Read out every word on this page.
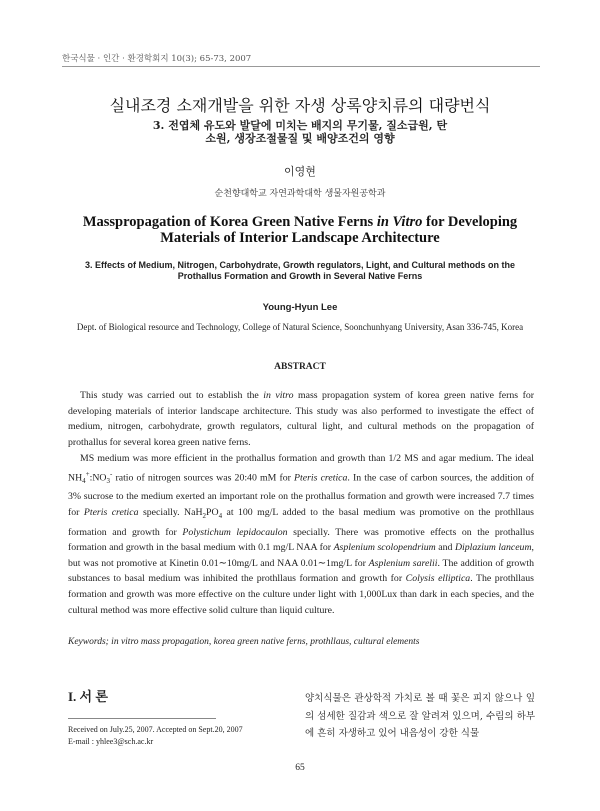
한국식물 · 인간 · 환경학회지 10(3); 65-73, 2007
실내조경 소재개발을 위한 자생 상록양치류의 대량번식
3. 전엽체 유도와 발달에 미치는 배지의 무기물, 질소급원, 탄소원, 생장조절물질 및 배양조건의 영향
이영현
순천향대학교 자연과학대학 생물자원공학과
Masspropagation of Korea Green Native Ferns in Vitro for Developing Materials of Interior Landscape Architecture
3. Effects of Medium, Nitrogen, Carbohydrate, Growth regulators, Light, and Cultural methods on the Prothallus Formation and Growth in Several Native Ferns
Young-Hyun Lee
Dept. of Biological resource and Technology, College of Natural Science, Soonchunhyang University, Asan 336-745, Korea
ABSTRACT

This study was carried out to establish the in vitro mass propagation system of korea green native ferns for developing materials of interior landscape architecture. This study was also performed to investigate the effect of medium, nitrogen, carbohydrate, growth regulators, cultural light, and cultural methods on the propagation of prothallus for several korea green native ferns.

MS medium was more efficient in the prothallus formation and growth than 1/2 MS and agar medium. The ideal $NH_4^+:NO_3^-$ ratio of nitrogen sources was 20:40 mM for Pteris cretica. In the case of carbon sources, the addition of 3% sucrose to the medium exerted an important role on the prothallus formation and growth were increased 7.7 times for Pteris cretica specially. $NaH_2PO_4$ at 100 mg/L added to the basal medium was promotive on the prothllaus formation and growth for Polystichum lepidocaulon specially. There was promotive effects on the prothallus formation and growth in the basal medium with 0.1 mg/L NAA for Asplenium scolopendrium and Diplazium lanceum, but was not promotive at Kinetin 0.01∼10mg/L and NAA 0.01∼1mg/L for Asplenium sarelii. The addition of growth substances to basal medium was inhibited the prothllaus formation and growth for Colysis elliptica. The prothllaus formation and growth was more effective on the culture under light with 1,000Lux than dark in each species, and the cultural method was more effective solid culture than liquid culture.

Keywords; in vitro mass propagation, korea green native ferns, prothllaus, cultural elements
I. 서 론
Received on July.25, 2007. Accepted on Sept.20, 2007
E-mail : yhlee3@sch.ac.kr
양치식물은 관상학적 가치로 볼 때 꽃은 피지 않으나 잎의 섬세한 질감과 색으로 잘 알려져 있으며, 수림의 하부에 흔히 자생하고 있어 내음성이 강한 식물
65
